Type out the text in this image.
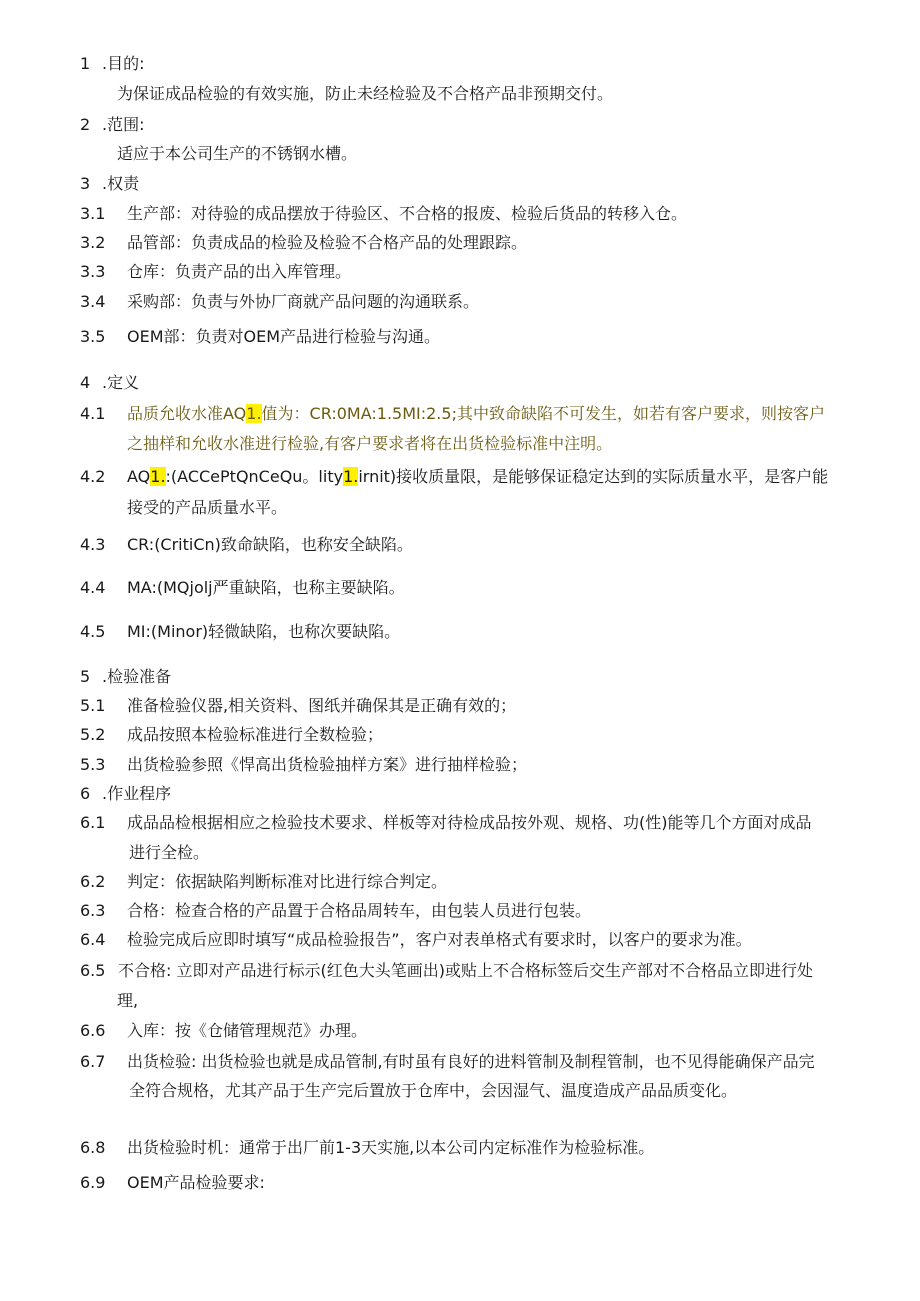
1 .目的:
为保证成品检验的有效实施，防止未经检验及不合格产品非预期交付。
2 .范围:
适应于本公司生产的不锈钢水槽。
3 .权责
3.1 生产部：对待验的成品摆放于待验区、不合格的报废、检验后货品的转移入仓。
3.2 品管部：负责成品的检验及检验不合格产品的处理跟踪。
3.3 仓库：负责产品的出入库管理。
3.4 采购部：负责与外协厂商就产品问题的沟通联系。
3.5 OEM部：负责对OEM产品进行检验与沟通。
4 .定义
4.1 品质允收水准AQ1.值为：CR:0MA:1.5MI:2.5;其中致命缺陷不可发生，如若有客户要求，则按客户
之抽样和允收水准进行检验,有客户要求者将在出货检验标准中注明。
4.2 AQ1.:(ACCePtQnCeQu。lity1.irnit)接收质量限，是能够保证稳定达到的实际质量水平，是客户能
接受的产品质量水平。
4.3 CR:(CritiCn)致命缺陷，也称安全缺陷。
4.4 MA:(MQjolj严重缺陷，也称主要缺陷。
4.5 MI:(Minor)轻微缺陷，也称次要缺陷。
5 .检验准备
5.1 准备检验仪器,相关资料、图纸并确保其是正确有效的；
5.2 成品按照本检验标准进行全数检验；
5.3 出货检验参照《悍高出货检验抽样方案》进行抽样检验；
6 .作业程序
6.1 成品品检根据相应之检验技术要求、样板等对待检成品按外观、规格、功(性)能等几个方面对成品
进行全检。
6.2 判定：依据缺陷判断标准对比进行综合判定。
6.3 合格：检查合格的产品置于合格品周转车，由包装人员进行包装。
6.4 检验完成后应即时填写“成品检验报告”，客户对表单格式有要求时，以客户的要求为准。
6.5 不合格: 立即对产品进行标示(红色大头笔画出)或贴上不合格标签后交生产部对不合格品立即进行处
理,
6.6 入库：按《仓储管理规范》办理。
6.7 出货检验: 出货检验也就是成品管制,有时虽有良好的进料管制及制程管制，也不见得能确保产品完
全符合规格，尤其产品于生产完后置放于仓库中，会因湿气、温度造成产品品质变化。
6.8 出货检验时机：通常于出厂前1-3天实施,以本公司内定标准作为检验标准。
6.9 OEM产品检验要求:
